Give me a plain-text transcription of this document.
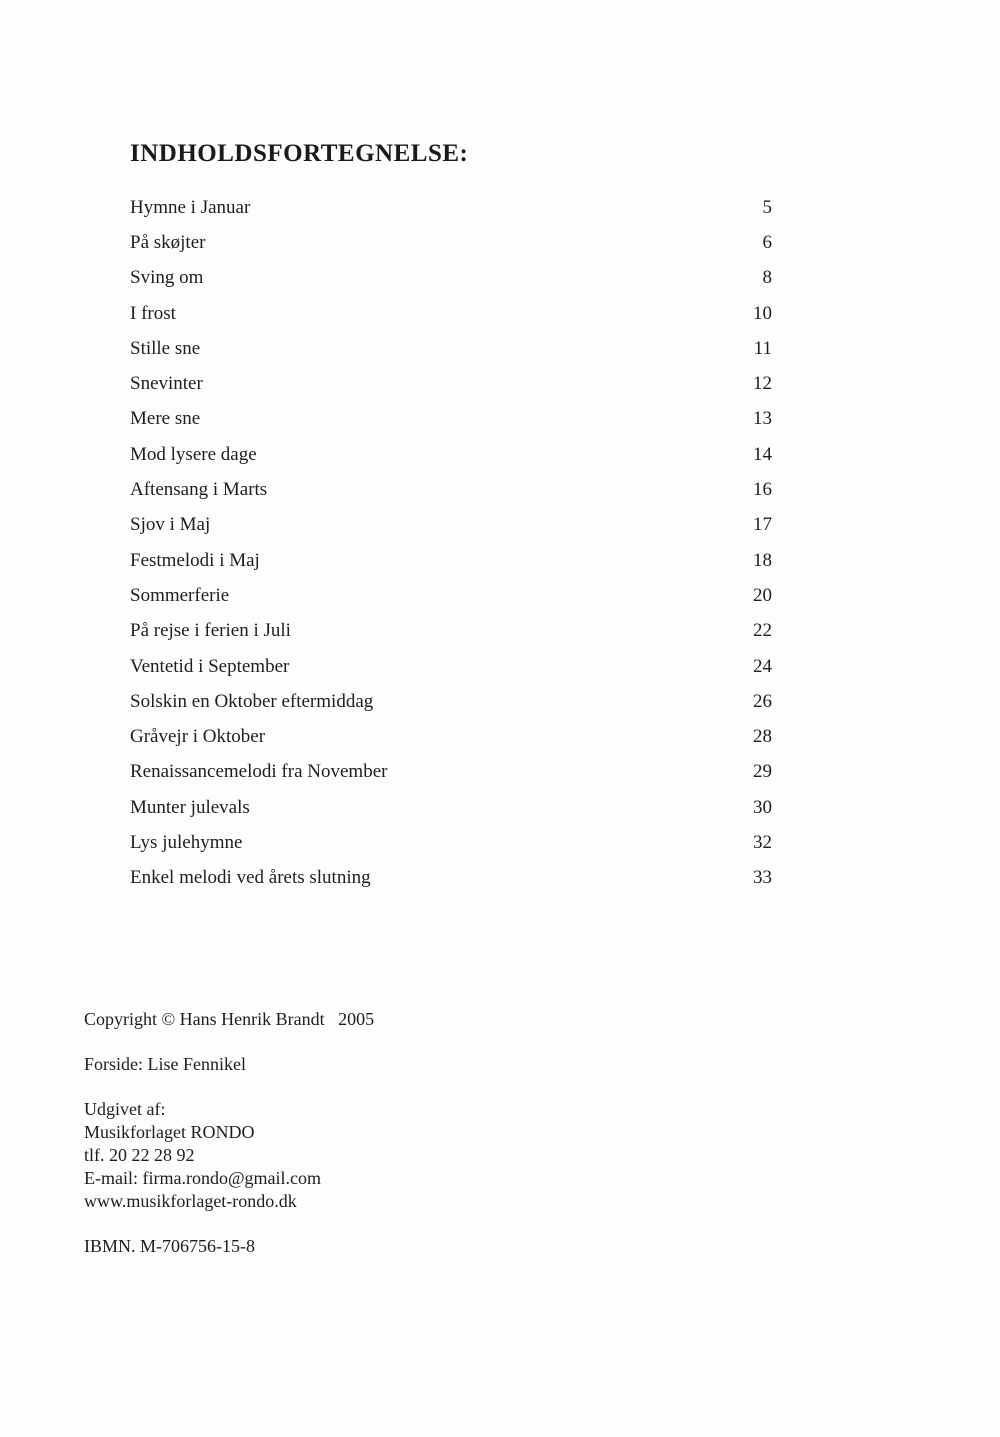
INDHOLDSFORTEGNELSE:
Hymne i Januar	5
På skøjter	6
Sving om	8
I frost	10
Stille sne	11
Snevinter	12
Mere sne	13
Mod lysere dage	14
Aftensang i Marts	16
Sjov i Maj	17
Festmelodi i Maj	18
Sommerferie	20
På rejse i ferien i Juli	22
Ventetid i September	24
Solskin en Oktober eftermiddag	26
Gråvejr i Oktober	28
Renaissancemelodi fra November	29
Munter julevals	30
Lys julehymne	32
Enkel melodi ved årets slutning	33

Copyright © Hans Henrik Brandt   2005

Forside: Lise Fennikel

Udgivet af:

Musikforlaget RONDO

tlf. 20 22 28 92

E-mail: firma.rondo@gmail.com

www.musikforlaget-rondo.dk

IBMN. M-706756-15-8
